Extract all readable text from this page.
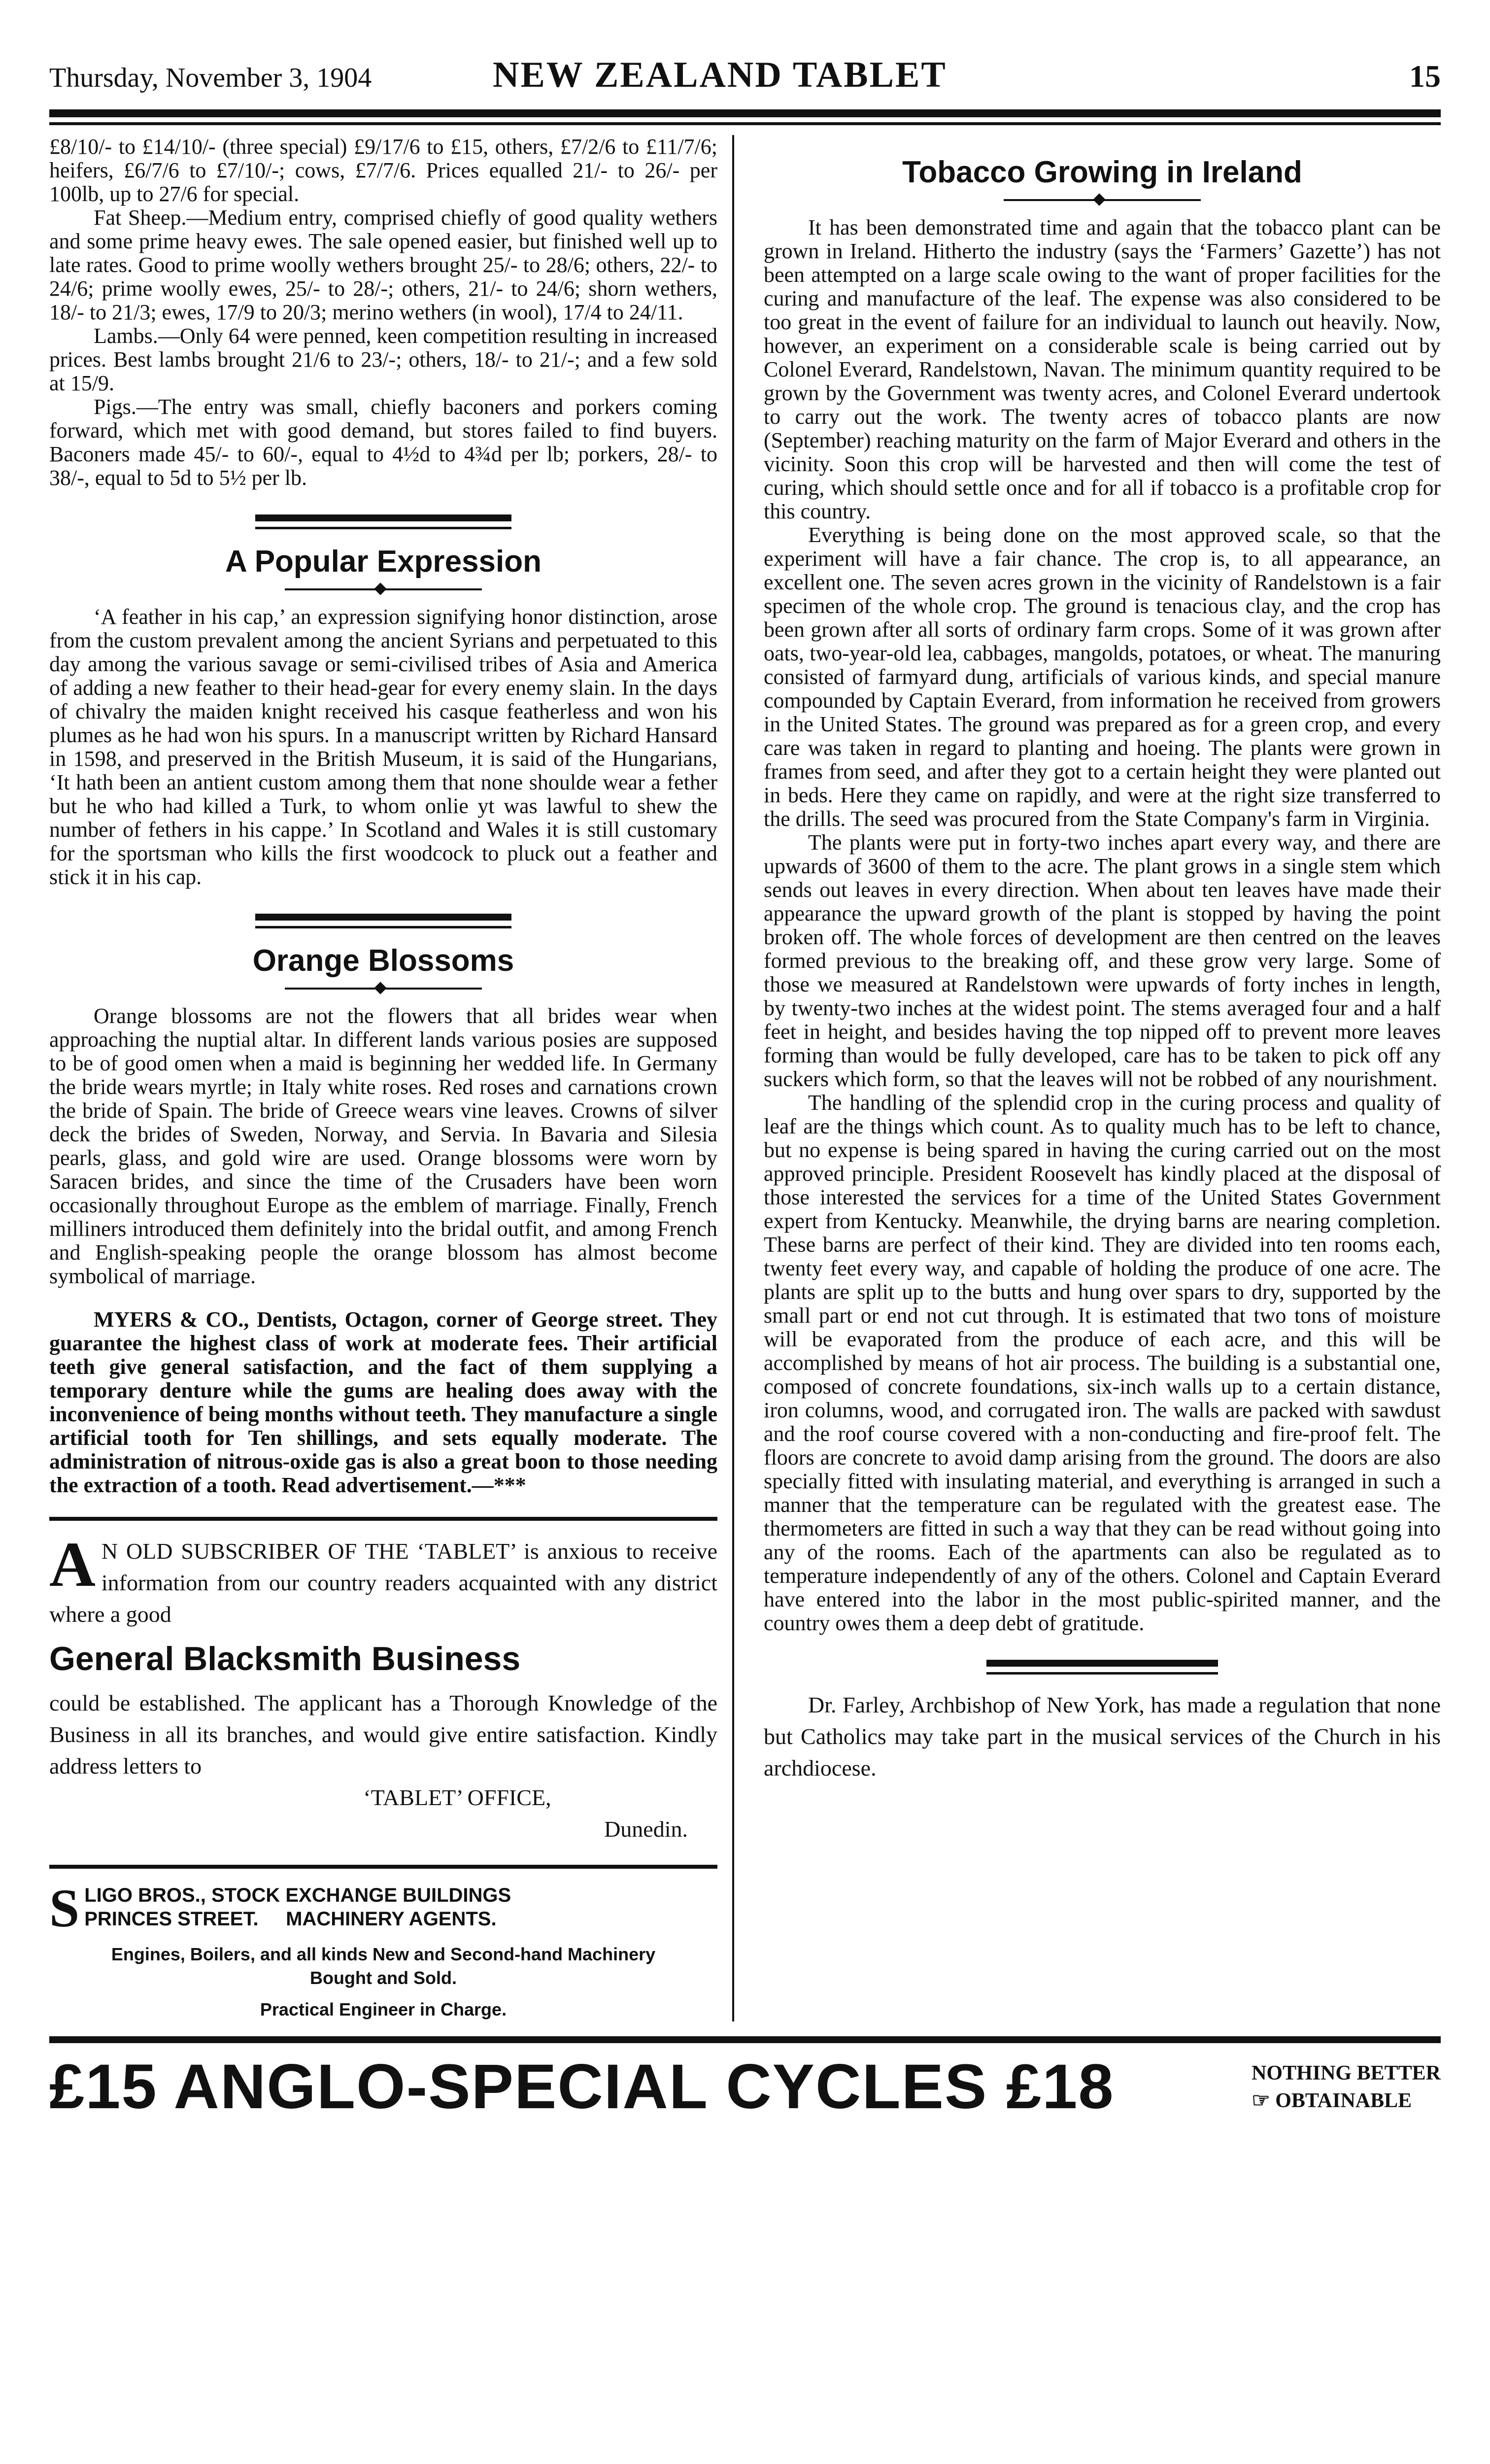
Thursday, November 3, 1904	NEW ZEALAND TABLET	15

£8/10/- to £14/10/- (three special) £9/17/6 to £15, others, £7/2/6 to £11/7/6; heifers, £6/7/6 to £7/10/-; cows, £7/7/6. Prices equalled 21/- to 26/- per 100lb, up to 27/6 for special.

Fat Sheep.—Medium entry, comprised chiefly of good quality wethers and some prime heavy ewes. The sale opened easier, but finished well up to late rates. Good to prime woolly wethers brought 25/- to 28/6; others, 22/- to 24/6; prime woolly ewes, 25/- to 28/-; others, 21/- to 24/6; shorn wethers, 18/- to 21/3; ewes, 17/9 to 20/3; merino wethers (in wool), 17/4 to 24/11.

Lambs.—Only 64 were penned, keen competition resulting in increased prices. Best lambs brought 21/6 to 23/-; others, 18/- to 21/-; and a few sold at 15/9.

Pigs.—The entry was small, chiefly baconers and porkers coming forward, which met with good demand, but stores failed to find buyers. Baconers made 45/- to 60/-, equal to 4½d to 4¾d per lb; porkers, 28/- to 38/-, equal to 5d to 5½ per lb.

A Popular Expression

‘A feather in his cap,’ an expression signifying honor distinction, arose from the custom prevalent among the ancient Syrians and perpetuated to this day among the various savage or semi-civilised tribes of Asia and America of adding a new feather to their head-gear for every enemy slain. In the days of chivalry the maiden knight received his casque featherless and won his plumes as he had won his spurs. In a manuscript written by Richard Hansard in 1598, and preserved in the British Museum, it is said of the Hungarians, ‘It hath been an antient custom among them that none shoulde wear a fether but he who had killed a Turk, to whom onlie yt was lawful to shew the number of fethers in his cappe.’ In Scotland and Wales it is still customary for the sportsman who kills the first woodcock to pluck out a feather and stick it in his cap.

Orange Blossoms

Orange blossoms are not the flowers that all brides wear when approaching the nuptial altar. In different lands various posies are supposed to be of good omen when a maid is beginning her wedded life. In Germany the bride wears myrtle; in Italy white roses. Red roses and carnations crown the bride of Spain. The bride of Greece wears vine leaves. Crowns of silver deck the brides of Sweden, Norway, and Servia. In Bavaria and Silesia pearls, glass, and gold wire are used. Orange blossoms were worn by Saracen brides, and since the time of the Crusaders have been worn occasionally throughout Europe as the emblem of marriage. Finally, French milliners introduced them definitely into the bridal outfit, and among French and English-speaking people the orange blossom has almost become symbolical of marriage.

MYERS & CO., Dentists, Octagon, corner of George street. They guarantee the highest class of work at moderate fees. Their artificial teeth give general satisfaction, and the fact of them supplying a temporary denture while the gums are healing does away with the inconvenience of being months without teeth. They manufacture a single artificial tooth for Ten shillings, and sets equally moderate. The administration of nitrous-oxide gas is also a great boon to those needing the extraction of a tooth. Read advertisement.—***

A N OLD SUBSCRIBER OF THE ‘TABLET’ is anxious to receive information from our country readers acquainted with any district where a good
General Blacksmith Business
could be established. The applicant has a Thorough Knowledge of the Business in all its branches, and would give entire satisfaction. Kindly address letters to
‘TABLET’ OFFICE,
Dunedin.
S LIGO BROS., STOCK EXCHANGE BUILDINGS
PRINCES STREET.     MACHINERY AGENTS.
Engines, Boilers, and all kinds New and Second-hand Machinery Bought and Sold.
Practical Engineer in Charge.
Tobacco Growing in Ireland

It has been demonstrated time and again that the tobacco plant can be grown in Ireland. Hitherto the industry (says the ‘Farmers’ Gazette’) has not been attempted on a large scale owing to the want of proper facilities for the curing and manufacture of the leaf. The expense was also considered to be too great in the event of failure for an individual to launch out heavily. Now, however, an experiment on a considerable scale is being carried out by Colonel Everard, Randelstown, Navan. The minimum quantity required to be grown by the Government was twenty acres, and Colonel Everard undertook to carry out the work. The twenty acres of tobacco plants are now (September) reaching maturity on the farm of Major Everard and others in the vicinity. Soon this crop will be harvested and then will come the test of curing, which should settle once and for all if tobacco is a profitable crop for this country.

Everything is being done on the most approved scale, so that the experiment will have a fair chance. The crop is, to all appearance, an excellent one. The seven acres grown in the vicinity of Randelstown is a fair specimen of the whole crop. The ground is tenacious clay, and the crop has been grown after all sorts of ordinary farm crops. Some of it was grown after oats, two-year-old lea, cabbages, mangolds, potatoes, or wheat. The manuring consisted of farmyard dung, artificials of various kinds, and special manure compounded by Captain Everard, from information he received from growers in the United States. The ground was prepared as for a green crop, and every care was taken in regard to planting and hoeing. The plants were grown in frames from seed, and after they got to a certain height they were planted out in beds. Here they came on rapidly, and were at the right size transferred to the drills. The seed was procured from the State Company's farm in Virginia.

The plants were put in forty-two inches apart every way, and there are upwards of 3600 of them to the acre. The plant grows in a single stem which sends out leaves in every direction. When about ten leaves have made their appearance the upward growth of the plant is stopped by having the point broken off. The whole forces of development are then centred on the leaves formed previous to the breaking off, and these grow very large. Some of those we measured at Randelstown were upwards of forty inches in length, by twenty-two inches at the widest point. The stems averaged four and a half feet in height, and besides having the top nipped off to prevent more leaves forming than would be fully developed, care has to be taken to pick off any suckers which form, so that the leaves will not be robbed of any nourishment.

The handling of the splendid crop in the curing process and quality of leaf are the things which count. As to quality much has to be left to chance, but no expense is being spared in having the curing carried out on the most approved principle. President Roosevelt has kindly placed at the disposal of those interested the services for a time of the United States Government expert from Kentucky. Meanwhile, the drying barns are nearing completion. These barns are perfect of their kind. They are divided into ten rooms each, twenty feet every way, and capable of holding the produce of one acre. The plants are split up to the butts and hung over spars to dry, supported by the small part or end not cut through. It is estimated that two tons of moisture will be evaporated from the produce of each acre, and this will be accomplished by means of hot air process. The building is a substantial one, composed of concrete foundations, six-inch walls up to a certain distance, iron columns, wood, and corrugated iron. The walls are packed with sawdust and the roof course covered with a non-conducting and fire-proof felt. The floors are concrete to avoid damp arising from the ground. The doors are also specially fitted with insulating material, and everything is arranged in such a manner that the temperature can be regulated with the greatest ease. The thermometers are fitted in such a way that they can be read without going into any of the rooms. Each of the apartments can also be regulated as to temperature independently of any of the others. Colonel and Captain Everard have entered into the labor in the most public-spirited manner, and the country owes them a deep debt of gratitude.

Dr. Farley, Archbishop of New York, has made a regulation that none but Catholics may take part in the musical services of the Church in his archdiocese.

£15 ANGLO-SPECIAL CYCLES £18	NOTHING BETTER
☞ OBTAINABLE
